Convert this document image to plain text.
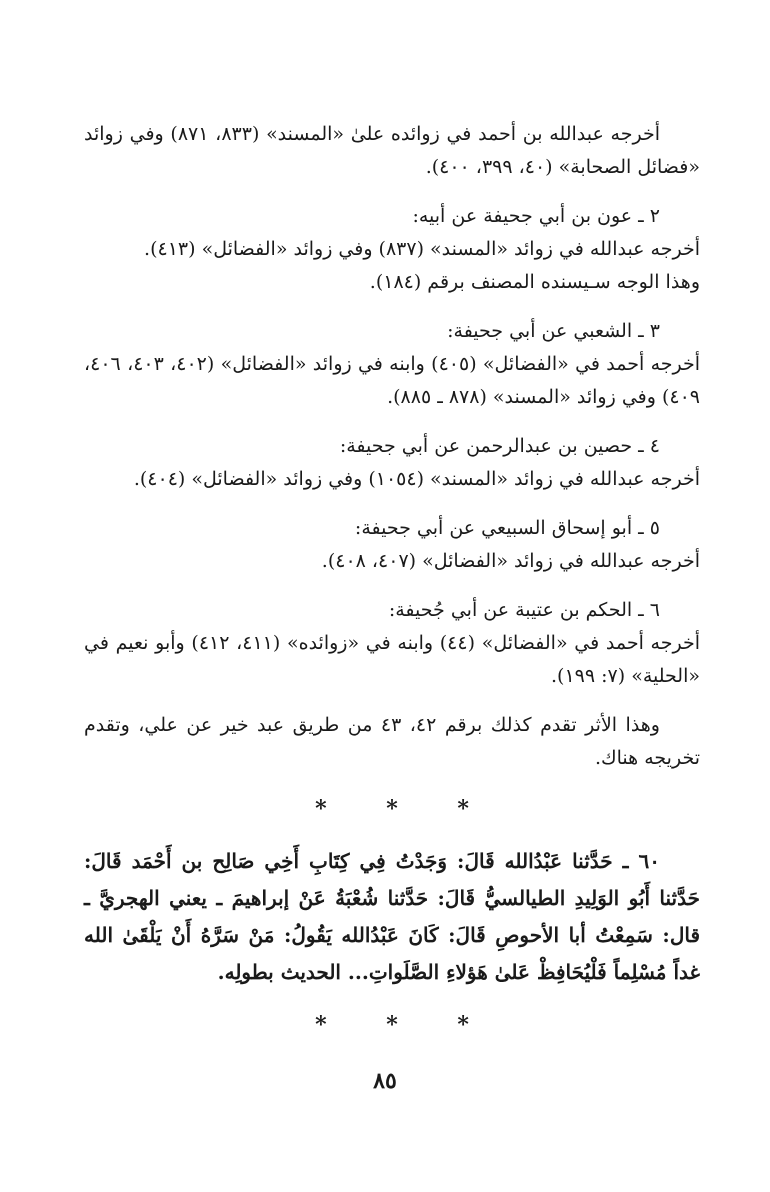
أخرجه عبدالله بن أحمد في زوائده علىٰ «المسند» (٨٣٣، ٨٧١) وفي زوائد «فضائل الصحابة» (٤٠، ٣٩٩، ٤٠٠).

٢ ـ عون بن أبي جحيفة عن أبيه:

أخرجه عبدالله في زوائد «المسند» (٨٣٧) وفي زوائد «الفضائل» (٤١٣).

وهذا الوجه سـيسنده المصنف برقم (١٨٤).

٣ ـ الشعبي عن أبي جحيفة:

أخرجه أحمد في «الفضائل» (٤٠٥) وابنه في زوائد «الفضائل» (٤٠٢، ٤٠٣، ٤٠٦، ٤٠٩) وفي زوائد «المسند» (٨٧٨ ـ ٨٨٥).

٤ ـ حصين بن عبدالرحمن عن أبي جحيفة:

أخرجه عبدالله في زوائد «المسند» (١٠٥٤) وفي زوائد «الفضائل» (٤٠٤).

٥ ـ أبو إسحاق السبيعي عن أبي جحيفة:

أخرجه عبدالله في زوائد «الفضائل» (٤٠٧، ٤٠٨).

٦ ـ الحكم بن عتيبة عن أبي جُحيفة:

أخرجه أحمد في «الفضائل» (٤٤) وابنه في «زوائده» (٤١١، ٤١٢) وأبو نعيم في «الحلية» (٧: ١٩٩).

وهذا الأثر تقدم كذلك برقم ٤٢، ٤٣ من طريق عبد خير عن علي، وتقدم تخريجه هناك.

* * *

٦٠ ـ حَدَّثنا عَبْدُالله قَالَ: وَجَدْتُ فِي كِتَابِ أَخِي صَالِح بن أَحْمَد قَالَ: حَدَّثنا أَبُو الوَلِيدِ الطيالسيُّ قَالَ: حَدَّثنا شُعْبَةُ عَنْ إبراهيمَ ـ يعني الهجريَّ ـ قال: سَمِعْتُ أبا الأحوصِ قَالَ: كَانَ عَبْدُالله يَقُولُ: مَنْ سَرَّهُ أَنْ يَلْقَىٰ الله غداً مُسْلِماً فَلْيُحَافِظْ عَلىٰ هَؤلاءِ الصَّلَواتِ... الحديث بطولِه.

* * *
٨٥
